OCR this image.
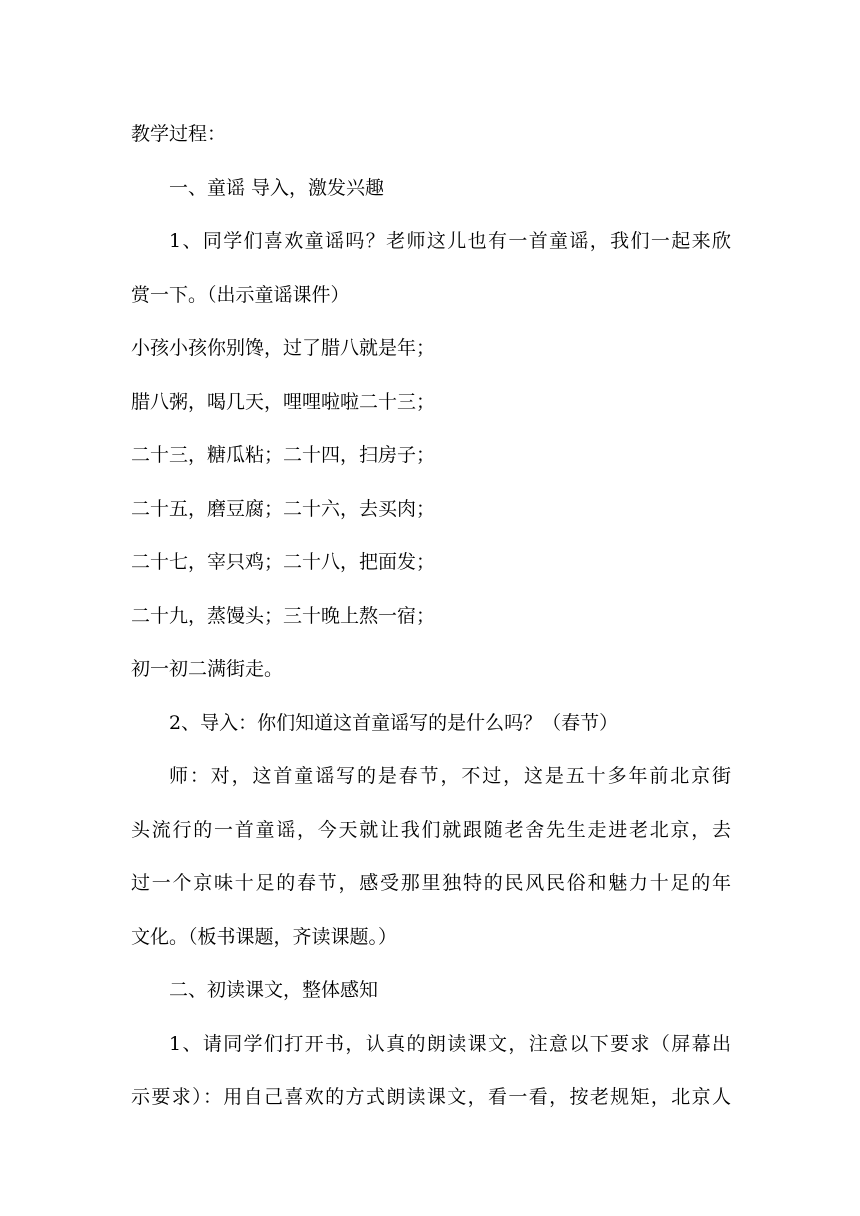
教学过程：

一、童谣 导入，激发兴趣

1、同学们喜欢童谣吗？老师这儿也有一首童谣，我们一起来欣

赏一下。（出示童谣课件）

小孩小孩你别馋，过了腊八就是年；

腊八粥，喝几天，哩哩啦啦二十三；

二十三，糖瓜粘；二十四，扫房子；

二十五，磨豆腐；二十六，去买肉；

二十七，宰只鸡；二十八，把面发；

二十九，蒸馒头；三十晚上熬一宿；

初一初二满街走。

2、导入：你们知道这首童谣写的是什么吗？（春节）

师：对，这首童谣写的是春节，不过，这是五十多年前北京街

头流行的一首童谣，今天就让我们就跟随老舍先生走进老北京，去

过一个京味十足的春节，感受那里独特的民风民俗和魅力十足的年

文化。（板书课题，齐读课题。）

二、初读课文，整体感知

1、请同学们打开书，认真的朗读课文，注意以下要求（屏幕出

示要求）：用自己喜欢的方式朗读课文，看一看，按老规矩，北京人
